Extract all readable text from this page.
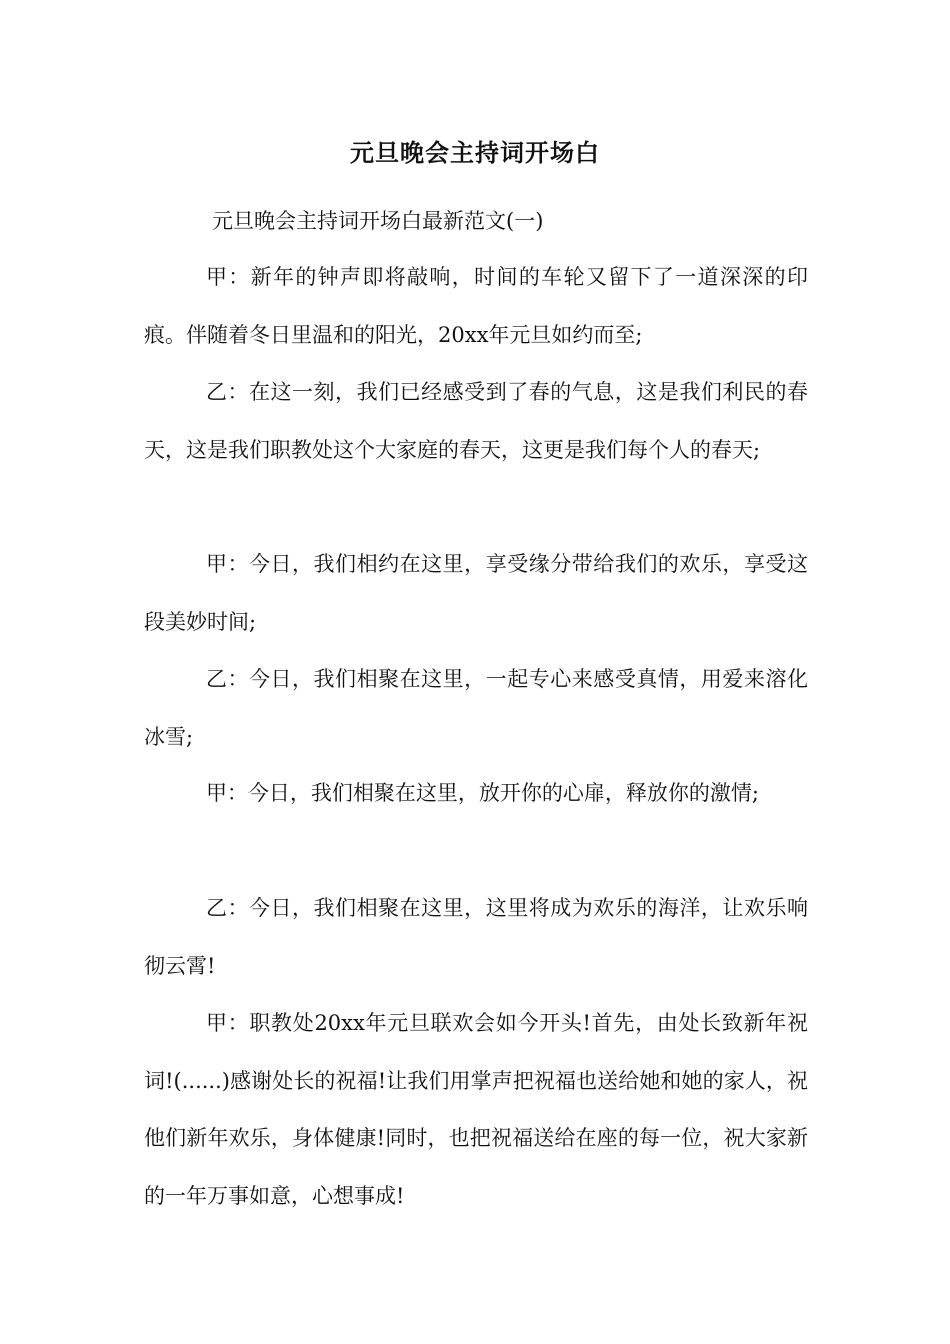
元旦晚会主持词开场白
元旦晚会主持词开场白最新范文(一)

甲：新年的钟声即将敲响，时间的车轮又留下了一道深深的印痕。伴随着冬日里温和的阳光，20xx年元旦如约而至;

乙：在这一刻，我们已经感受到了春的气息，这是我们利民的春天，这是我们职教处这个大家庭的春天，这更是我们每个人的春天;

甲：今日，我们相约在这里，享受缘分带给我们的欢乐，享受这段美妙时间;

乙：今日，我们相聚在这里，一起专心来感受真情，用爱来溶化冰雪;

甲：今日，我们相聚在这里，放开你的心扉，释放你的激情;

乙：今日，我们相聚在这里，这里将成为欢乐的海洋，让欢乐响彻云霄!

甲：职教处20xx年元旦联欢会如今开头!首先，由处长致新年祝词!(......)感谢处长的祝福!让我们用掌声把祝福也送给她和她的家人，祝他们新年欢乐，身体健康!同时，也把祝福送给在座的每一位，祝大家新的一年万事如意，心想事成!
